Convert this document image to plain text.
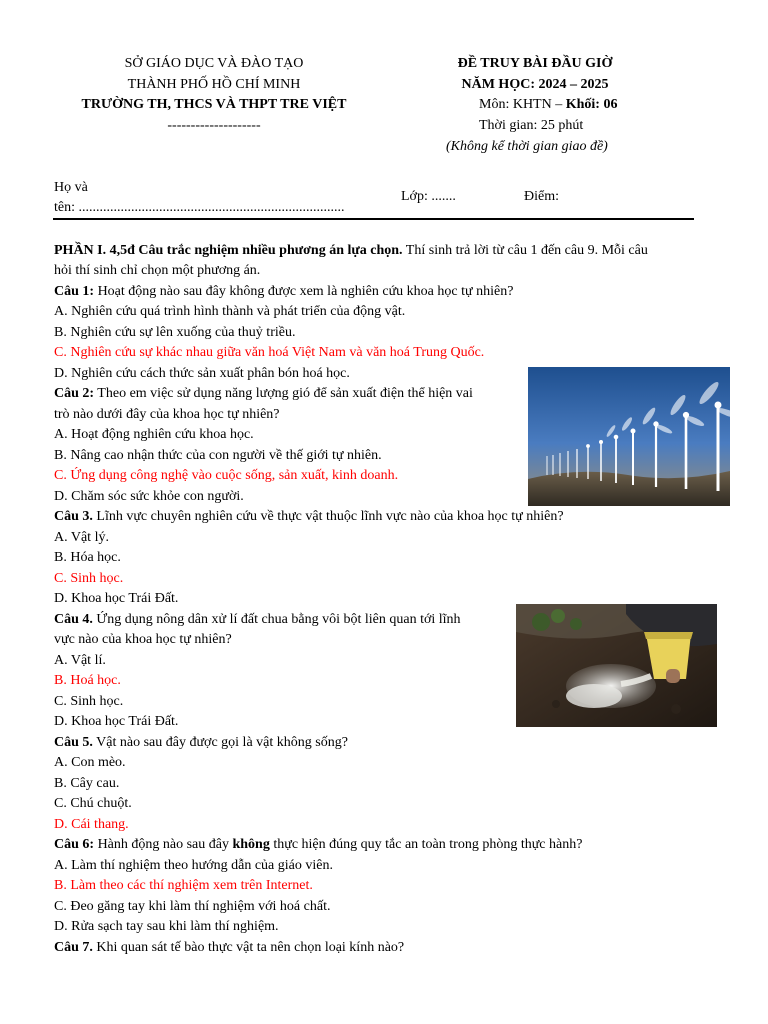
SỞ GIÁO DỤC VÀ ĐÀO TẠO
THÀNH PHỐ HỒ CHÍ MINH
TRƯỜNG TH, THCS VÀ THPT TRE VIỆT
--------------------
ĐỀ TRUY BÀI ĐẦU GIỜ
NĂM HỌC: 2024 – 2025
Môn: KHTN – Khối: 06
Thời gian: 25 phút
(Không kể thời gian giao đề)
Họ và
tên: ............................................................................
Lớp: .......	Điểm:
PHẦN I. 4,5đ Câu trắc nghiệm nhiều phương án lựa chọn. Thí sinh trả lời từ câu 1 đến câu 9. Mỗi câu
hỏi thí sinh chỉ chọn một phương án.
Câu 1: Hoạt động nào sau đây không được xem là nghiên cứu khoa học tự nhiên?
A. Nghiên cứu quá trình hình thành và phát triển của động vật.
B. Nghiên cứu sự lên xuống của thuỷ triều.
C. Nghiên cứu sự khác nhau giữa văn hoá Việt Nam và văn hoá Trung Quốc.
D. Nghiên cứu cách thức sản xuất phân bón hoá học.
Câu 2: Theo em việc sử dụng năng lượng gió để sản xuất điện thể hiện vai
trò nào dưới đây của khoa học tự nhiên?
A. Hoạt động nghiên cứu khoa học.
B. Nâng cao nhận thức của con người về thế giới tự nhiên.
C. Ứng dụng công nghệ vào cuộc sống, sản xuất, kinh doanh.
D. Chăm sóc sức khỏe con người.
Câu 3. Lĩnh vực chuyên nghiên cứu về thực vật thuộc lĩnh vực nào của khoa học tự nhiên?
A. Vật lý.
B. Hóa học.
C. Sinh học.
D. Khoa học Trái Đất.
Câu 4. Ứng dụng nông dân xử lí đất chua bằng vôi bột liên quan tới lĩnh
vực nào của khoa học tự nhiên?
A. Vật lí.
B. Hoá học.
C. Sinh học.
D. Khoa học Trái Đất.
Câu 5. Vật nào sau đây được gọi là vật không sống?
A. Con mèo.
B. Cây cau.
C. Chú chuột.
D. Cái thang.
Câu 6: Hành động nào sau đây không thực hiện đúng quy tắc an toàn trong phòng thực hành?
A. Làm thí nghiệm theo hướng dẫn của giáo viên.
B. Làm theo các thí nghiệm xem trên Internet.
C. Đeo găng tay khi làm thí nghiệm với hoá chất.
D. Rửa sạch tay sau khi làm thí nghiệm.
Câu 7. Khi quan sát tế bào thực vật ta nên chọn loại kính nào?
